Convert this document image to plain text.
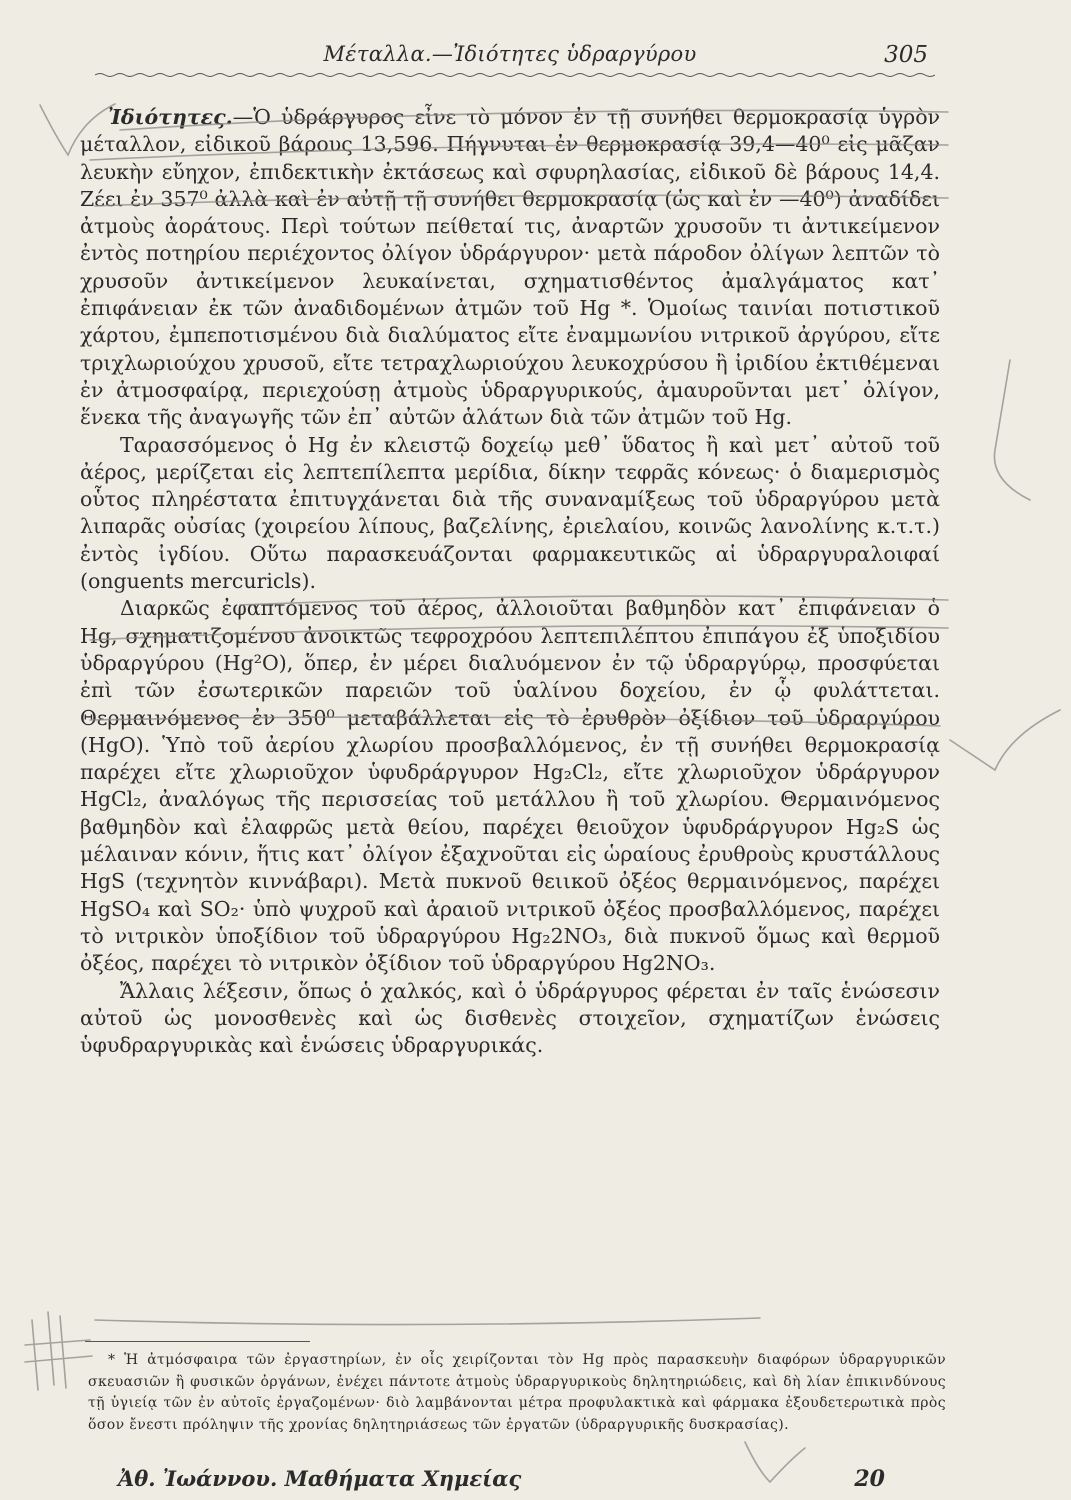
Μέταλλα.—Ἰδιότητες ὑδραργύρου	305

Ἰδιότητες.—Ὁ ὑδράργυρος εἶνε τὸ μόνον ἐν τῇ συνήθει θερμοκρασίᾳ ὑγρὸν μέταλλον, εἰδικοῦ βάρους 13,596. Πήγνυται ἐν θερμοκρασίᾳ 39,4—40⁰ εἰς μᾶζαν λευκὴν εὔηχον, ἐπιδεκτικὴν ἐκτάσεως καὶ σφυρηλασίας, εἰδικοῦ δὲ βάρους 14,4. Ζέει ἐν 357⁰ ἀλλὰ καὶ ἐν αὐτῇ τῇ συνήθει θερμοκρασίᾳ (ὡς καὶ ἐν —40⁰) ἀναδίδει ἀτμοὺς ἀοράτους. Περὶ τούτων πείθεταί τις, ἀναρτῶν χρυσοῦν τι ἀντικείμενον ἐντὸς ποτηρίου περιέχοντος ὀλίγον ὑδράργυρον· μετὰ πάροδον ὀλίγων λεπτῶν τὸ χρυσοῦν ἀντικείμενον λευκαίνεται, σχηματισθέντος ἀμαλγάματος κατ᾽ ἐπιφάνειαν ἐκ τῶν ἀναδιδομένων ἀτμῶν τοῦ Hg *. Ὁμοίως ταινίαι ποτιστικοῦ χάρτου, ἐμπεποτισμένου διὰ διαλύματος εἴτε ἐναμμωνίου νιτρικοῦ ἀργύρου, εἴτε τριχλωριούχου χρυσοῦ, εἴτε τετραχλωριούχου λευκοχρύσου ἢ ἰριδίου ἐκτιθέμεναι ἐν ἀτμοσφαίρᾳ, περιεχούσῃ ἀτμοὺς ὑδραργυρικούς, ἀμαυροῦνται μετ᾽ ὀλίγον, ἕνεκα τῆς ἀναγωγῆς τῶν ἐπ᾽ αὐτῶν ἁλάτων διὰ τῶν ἀτμῶν τοῦ Hg.

Ταρασσόμενος ὁ Hg ἐν κλειστῷ δοχείῳ μεθ᾽ ὕδατος ἢ καὶ μετ᾽ αὐτοῦ τοῦ ἀέρος, μερίζεται εἰς λεπτεπίλεπτα μερίδια, δίκην τεφρᾶς κόνεως· ὁ διαμερισμὸς οὗτος πληρέστατα ἐπιτυγχάνεται διὰ τῆς συναναμίξεως τοῦ ὑδραργύρου μετὰ λιπαρᾶς οὐσίας (χοιρείου λίπους, βαζελίνης, ἐριελαίου, κοινῶς λανολίνης κ.τ.τ.) ἐντὸς ἰγδίου. Οὕτω παρασκευάζονται φαρμακευτικῶς αἱ ὑδραργυραλοιφαί (onguents mercuricls).

Διαρκῶς ἐφαπτόμενος τοῦ ἀέρος, ἀλλοιοῦται βαθμηδὸν κατ᾽ ἐπιφάνειαν ὁ Hg, σχηματιζομένου ἀνοικτῶς τεφροχρόου λεπτεπιλέπτου ἐπιπάγου ἐξ ὑποξιδίου ὑδραργύρου (Hg²O), ὅπερ, ἐν μέρει διαλυόμενον ἐν τῷ ὑδραργύρῳ, προσφύεται ἐπὶ τῶν ἐσωτερικῶν παρειῶν τοῦ ὑαλίνου δοχείου, ἐν ᾧ φυλάττεται. Θερμαινόμενος ἐν 350⁰ μεταβάλλεται εἰς τὸ ἐρυθρὸν ὀξίδιον τοῦ ὑδραργύρου (HgO). Ὑπὸ τοῦ ἀερίου χλωρίου προσβαλλόμενος, ἐν τῇ συνήθει θερμοκρασίᾳ παρέχει εἴτε χλωριοῦχον ὑφυδράργυρον Hg₂Cl₂, εἴτε χλωριοῦχον ὑδράργυρον HgCl₂, ἀναλόγως τῆς περισσείας τοῦ μετάλλου ἢ τοῦ χλωρίου. Θερμαινόμενος βαθμηδὸν καὶ ἐλαφρῶς μετὰ θείου, παρέχει θειοῦχον ὑφυδράργυρον Hg₂S ὡς μέλαιναν κόνιν, ἥτις κατ᾽ ὀλίγον ἐξαχνοῦται εἰς ὡραίους ἐρυθροὺς κρυστάλλους HgS (τεχνητὸν κιννάβαρι). Μετὰ πυκνοῦ θειικοῦ ὀξέος θερμαινόμενος, παρέχει HgSO₄ καὶ SO₂· ὑπὸ ψυχροῦ καὶ ἀραιοῦ νιτρικοῦ ὀξέος προσβαλλόμενος, παρέχει τὸ νιτρικὸν ὑποξίδιον τοῦ ὑδραργύρου Hg₂2NO₃, διὰ πυκνοῦ ὅμως καὶ θερμοῦ ὀξέος, παρέχει τὸ νιτρικὸν ὀξίδιον τοῦ ὑδραργύρου Hg2NO₃.

Ἄλλαις λέξεσιν, ὅπως ὁ χαλκός, καὶ ὁ ὑδράργυρος φέρεται ἐν ταῖς ἑνώσεσιν αὐτοῦ ὡς μονοσθενὲς καὶ ὡς δισθενὲς στοιχεῖον, σχηματίζων ἑνώσεις ὑφυδραργυρικὰς καὶ ἑνώσεις ὑδραργυρικάς.

* Ἡ ἀτμόσφαιρα τῶν ἐργαστηρίων, ἐν οἷς χειρίζονται τὸν Hg πρὸς παρασκευὴν διαφόρων ὑδραργυρικῶν σκευασιῶν ἢ φυσικῶν ὀργάνων, ἐνέχει πάντοτε ἀτμοὺς ὑδραργυρικοὺς δηλητηριώδεις, καὶ δὴ λίαν ἐπικινδύνους τῇ ὑγιείᾳ τῶν ἐν αὐτοῖς ἐργαζομένων· διὸ λαμβάνονται μέτρα προφυλακτικὰ καὶ φάρμακα ἐξουδετερωτικὰ πρὸς ὅσον ἔνεστι πρόληψιν τῆς χρονίας δηλητηριάσεως τῶν ἐργατῶν (ὑδραργυρικῆς δυσκρασίας).

Ἀθ. Ἰωάννου. Μαθήματα Χημείας	20
